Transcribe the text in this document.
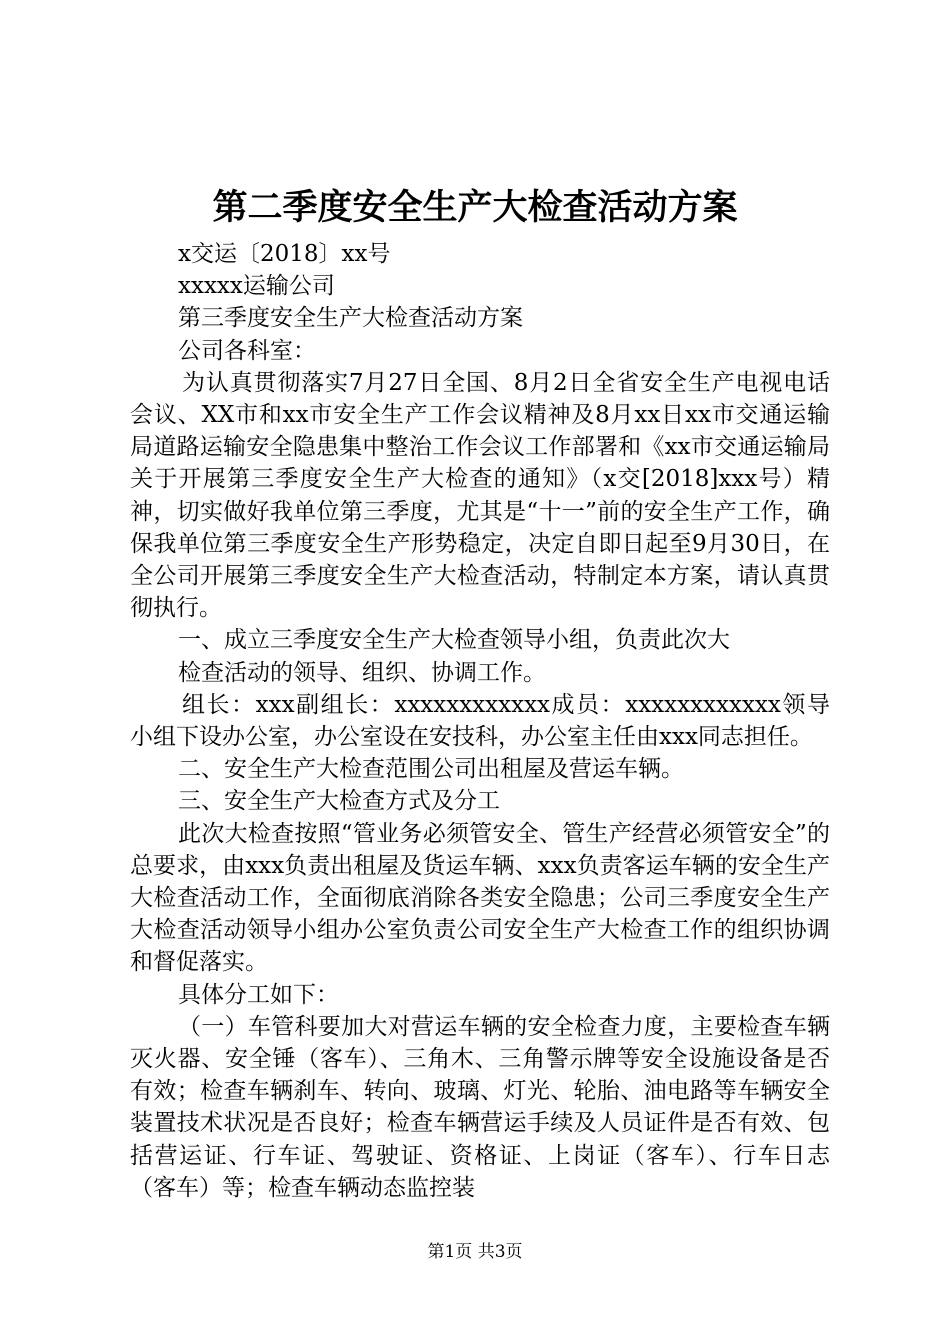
第二季度安全生产大检查活动方案

x交运〔2018〕xx号

xxxxx运输公司

第三季度安全生产大检查活动方案

公司各科室：

为认真贯彻落实7月27日全国、8月2日全省安全生产电视电话会议、XX市和xx市安全生产工作会议精神及8月xx日xx市交通运输局道路运输安全隐患集中整治工作会议工作部署和《xx市交通运输局关于开展第三季度安全生产大检查的通知》（x交[2018]xxx号）精神，切实做好我单位第三季度，尤其是“十一”前的安全生产工作，确保我单位第三季度安全生产形势稳定，决定自即日起至9月30日，在全公司开展第三季度安全生产大检查活动，特制定本方案，请认真贯彻执行。

一、成立三季度安全生产大检查领导小组，负责此次大

检查活动的领导、组织、协调工作。

组长：xxx副组长：xxxxxxxxxxxx成员：xxxxxxxxxxxx领导小组下设办公室，办公室设在安技科，办公室主任由xxx同志担任。

二、安全生产大检查范围公司出租屋及营运车辆。

三、安全生产大检查方式及分工

此次大检查按照“管业务必须管安全、管生产经营必须管安全”的总要求，由xxx负责出租屋及货运车辆、xxx负责客运车辆的安全生产大检查活动工作，全面彻底消除各类安全隐患；公司三季度安全生产大检查活动领导小组办公室负责公司安全生产大检查工作的组织协调和督促落实。

具体分工如下：

（一）车管科要加大对营运车辆的安全检查力度，主要检查车辆灭火器、安全锤（客车）、三角木、三角警示牌等安全设施设备是否有效；检查车辆刹车、转向、玻璃、灯光、轮胎、油电路等车辆安全装置技术状况是否良好；检查车辆营运手续及人员证件是否有效、包括营运证、行车证、驾驶证、资格证、上岗证（客车）、行车日志（客车）等；检查车辆动态监控装

第1页 共3页
